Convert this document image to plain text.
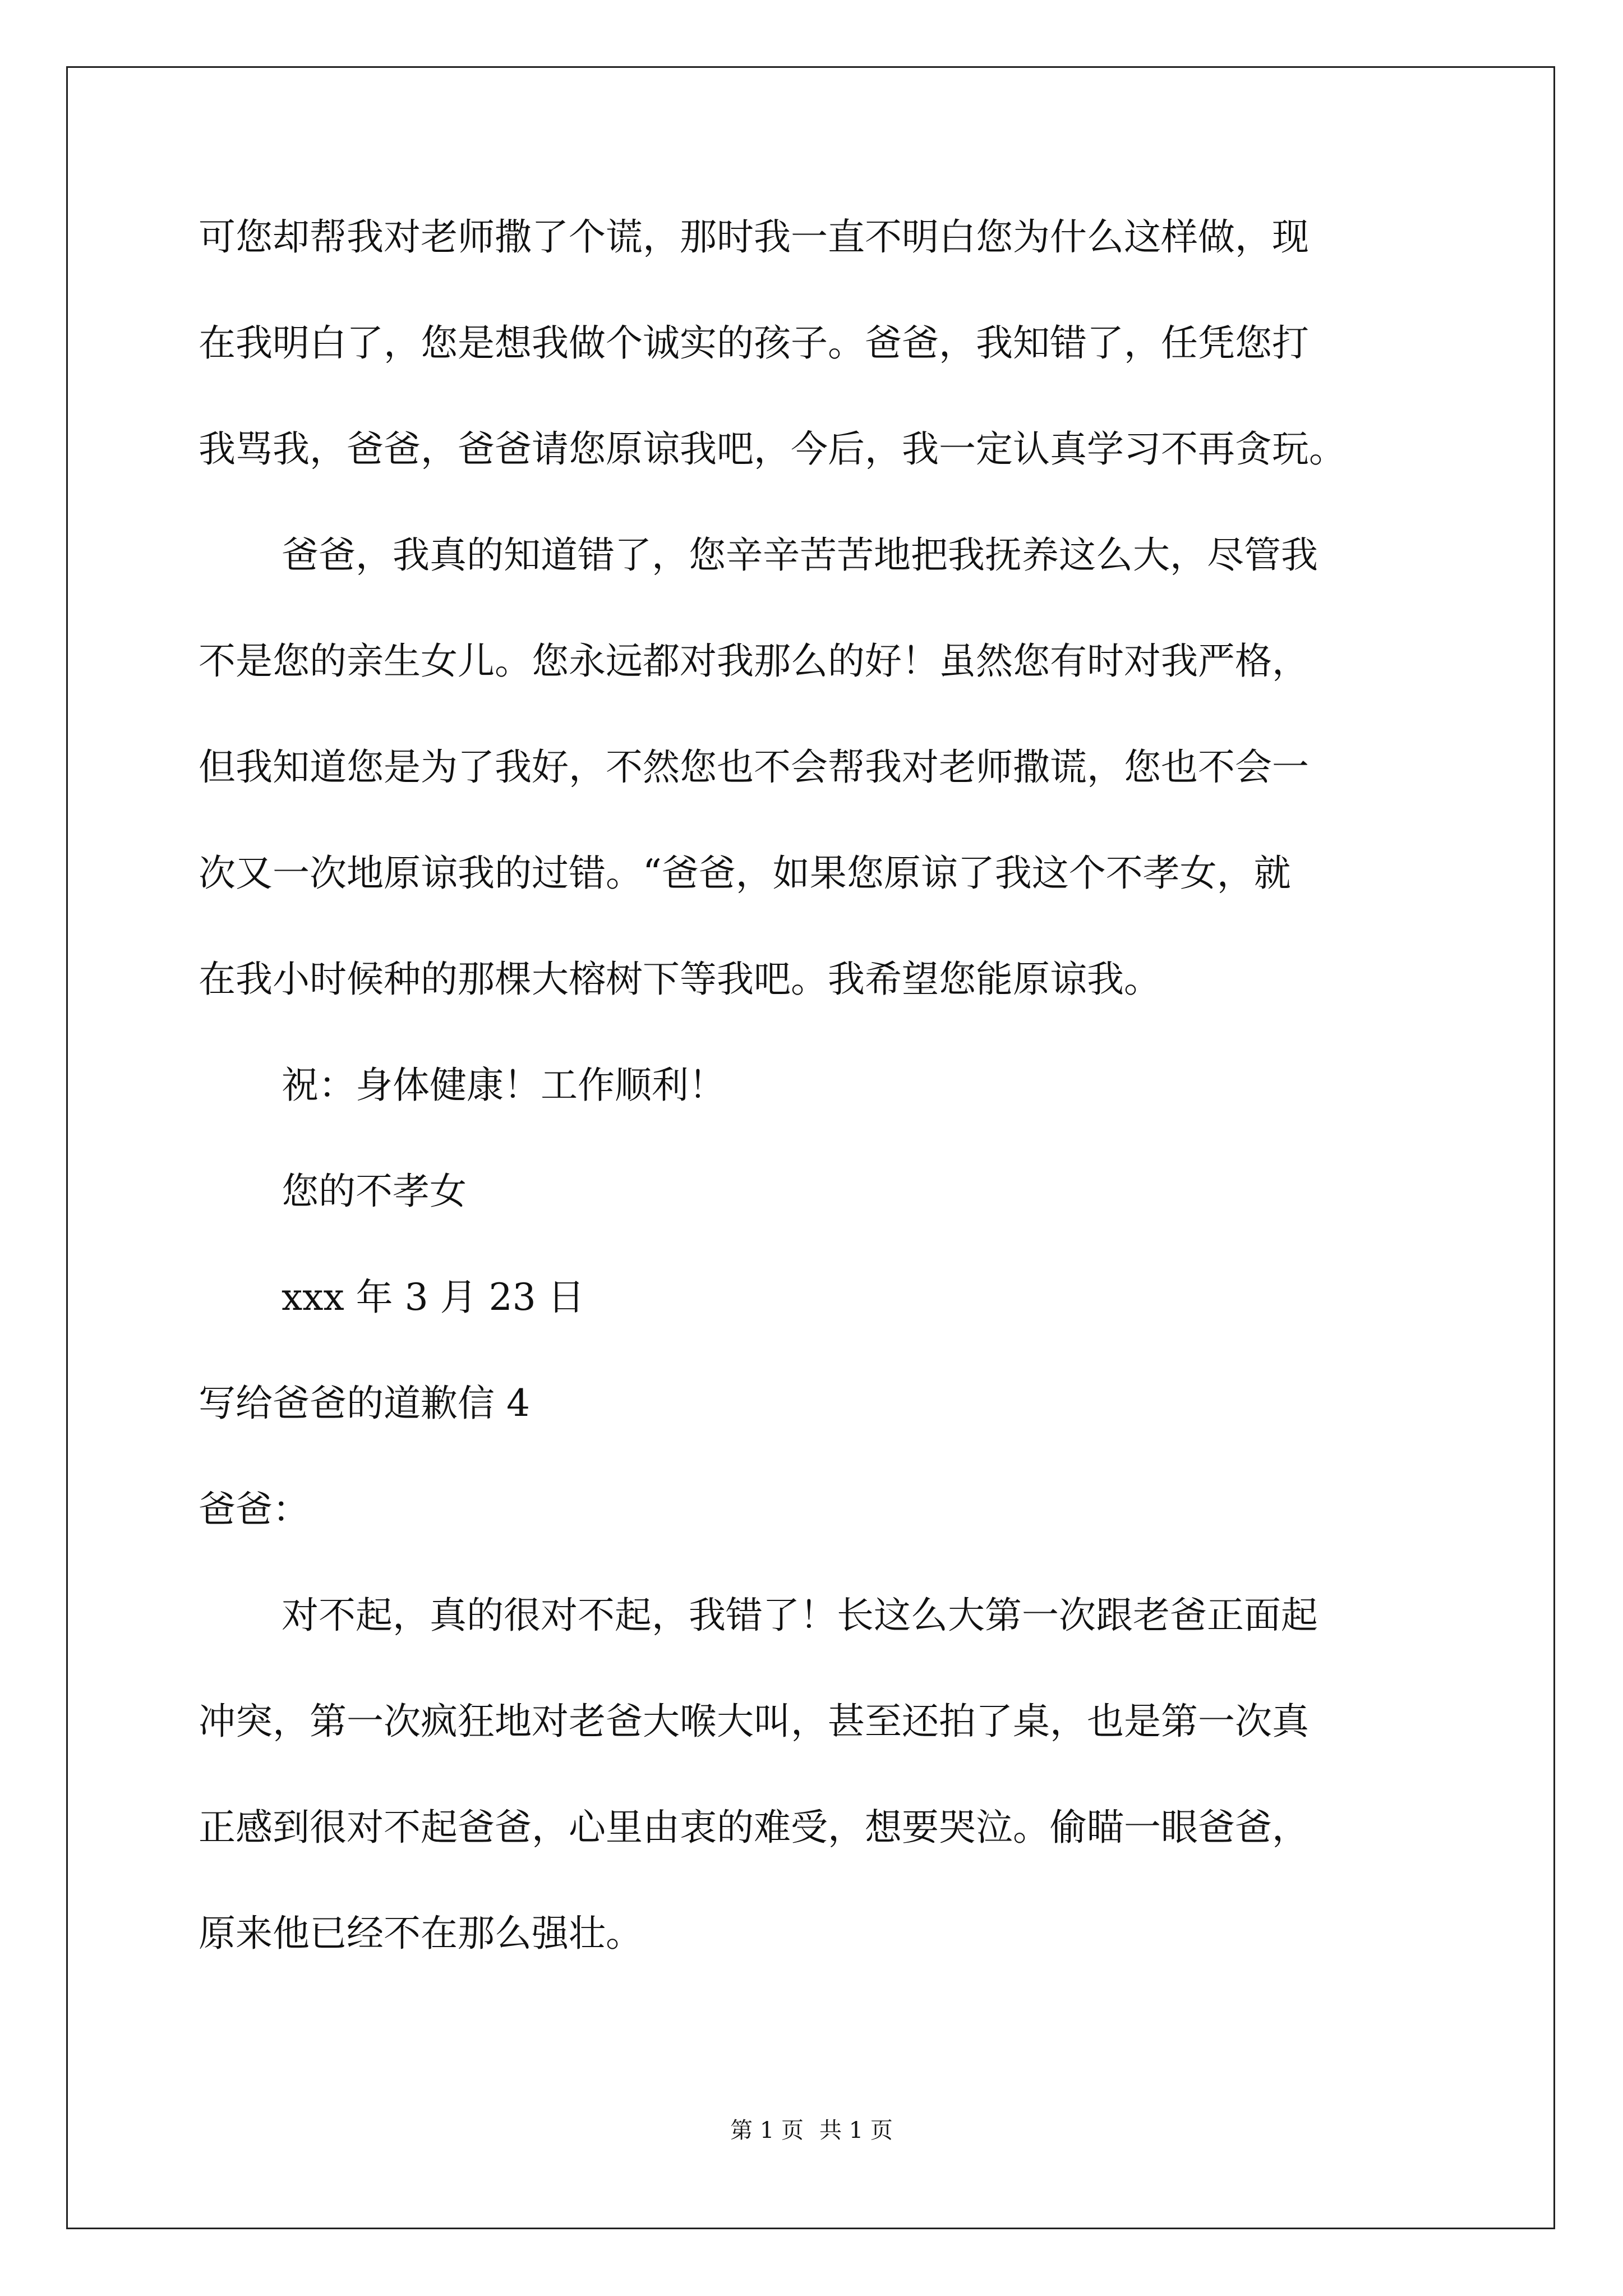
可您却帮我对老师撒了个谎，那时我一直不明白您为什么这样做，现

在我明白了，您是想我做个诚实的孩子。爸爸，我知错了，任凭您打

我骂我，爸爸，爸爸请您原谅我吧，今后，我一定认真学习不再贪玩。

爸爸，我真的知道错了，您辛辛苦苦地把我抚养这么大，尽管我

不是您的亲生女儿。您永远都对我那么的好！虽然您有时对我严格，

但我知道您是为了我好，不然您也不会帮我对老师撒谎，您也不会一

次又一次地原谅我的过错。“爸爸，如果您原谅了我这个不孝女，就

在我小时候种的那棵大榕树下等我吧。我希望您能原谅我。

祝：身体健康！工作顺利！

您的不孝女

xxx 年 3 月 23 日

写给爸爸的道歉信 4

爸爸：

对不起，真的很对不起，我错了！长这么大第一次跟老爸正面起

冲突，第一次疯狂地对老爸大喉大叫，甚至还拍了桌，也是第一次真

正感到很对不起爸爸，心里由衷的难受，想要哭泣。偷瞄一眼爸爸，

原来他已经不在那么强壮。

第 1 页 共 1 页
